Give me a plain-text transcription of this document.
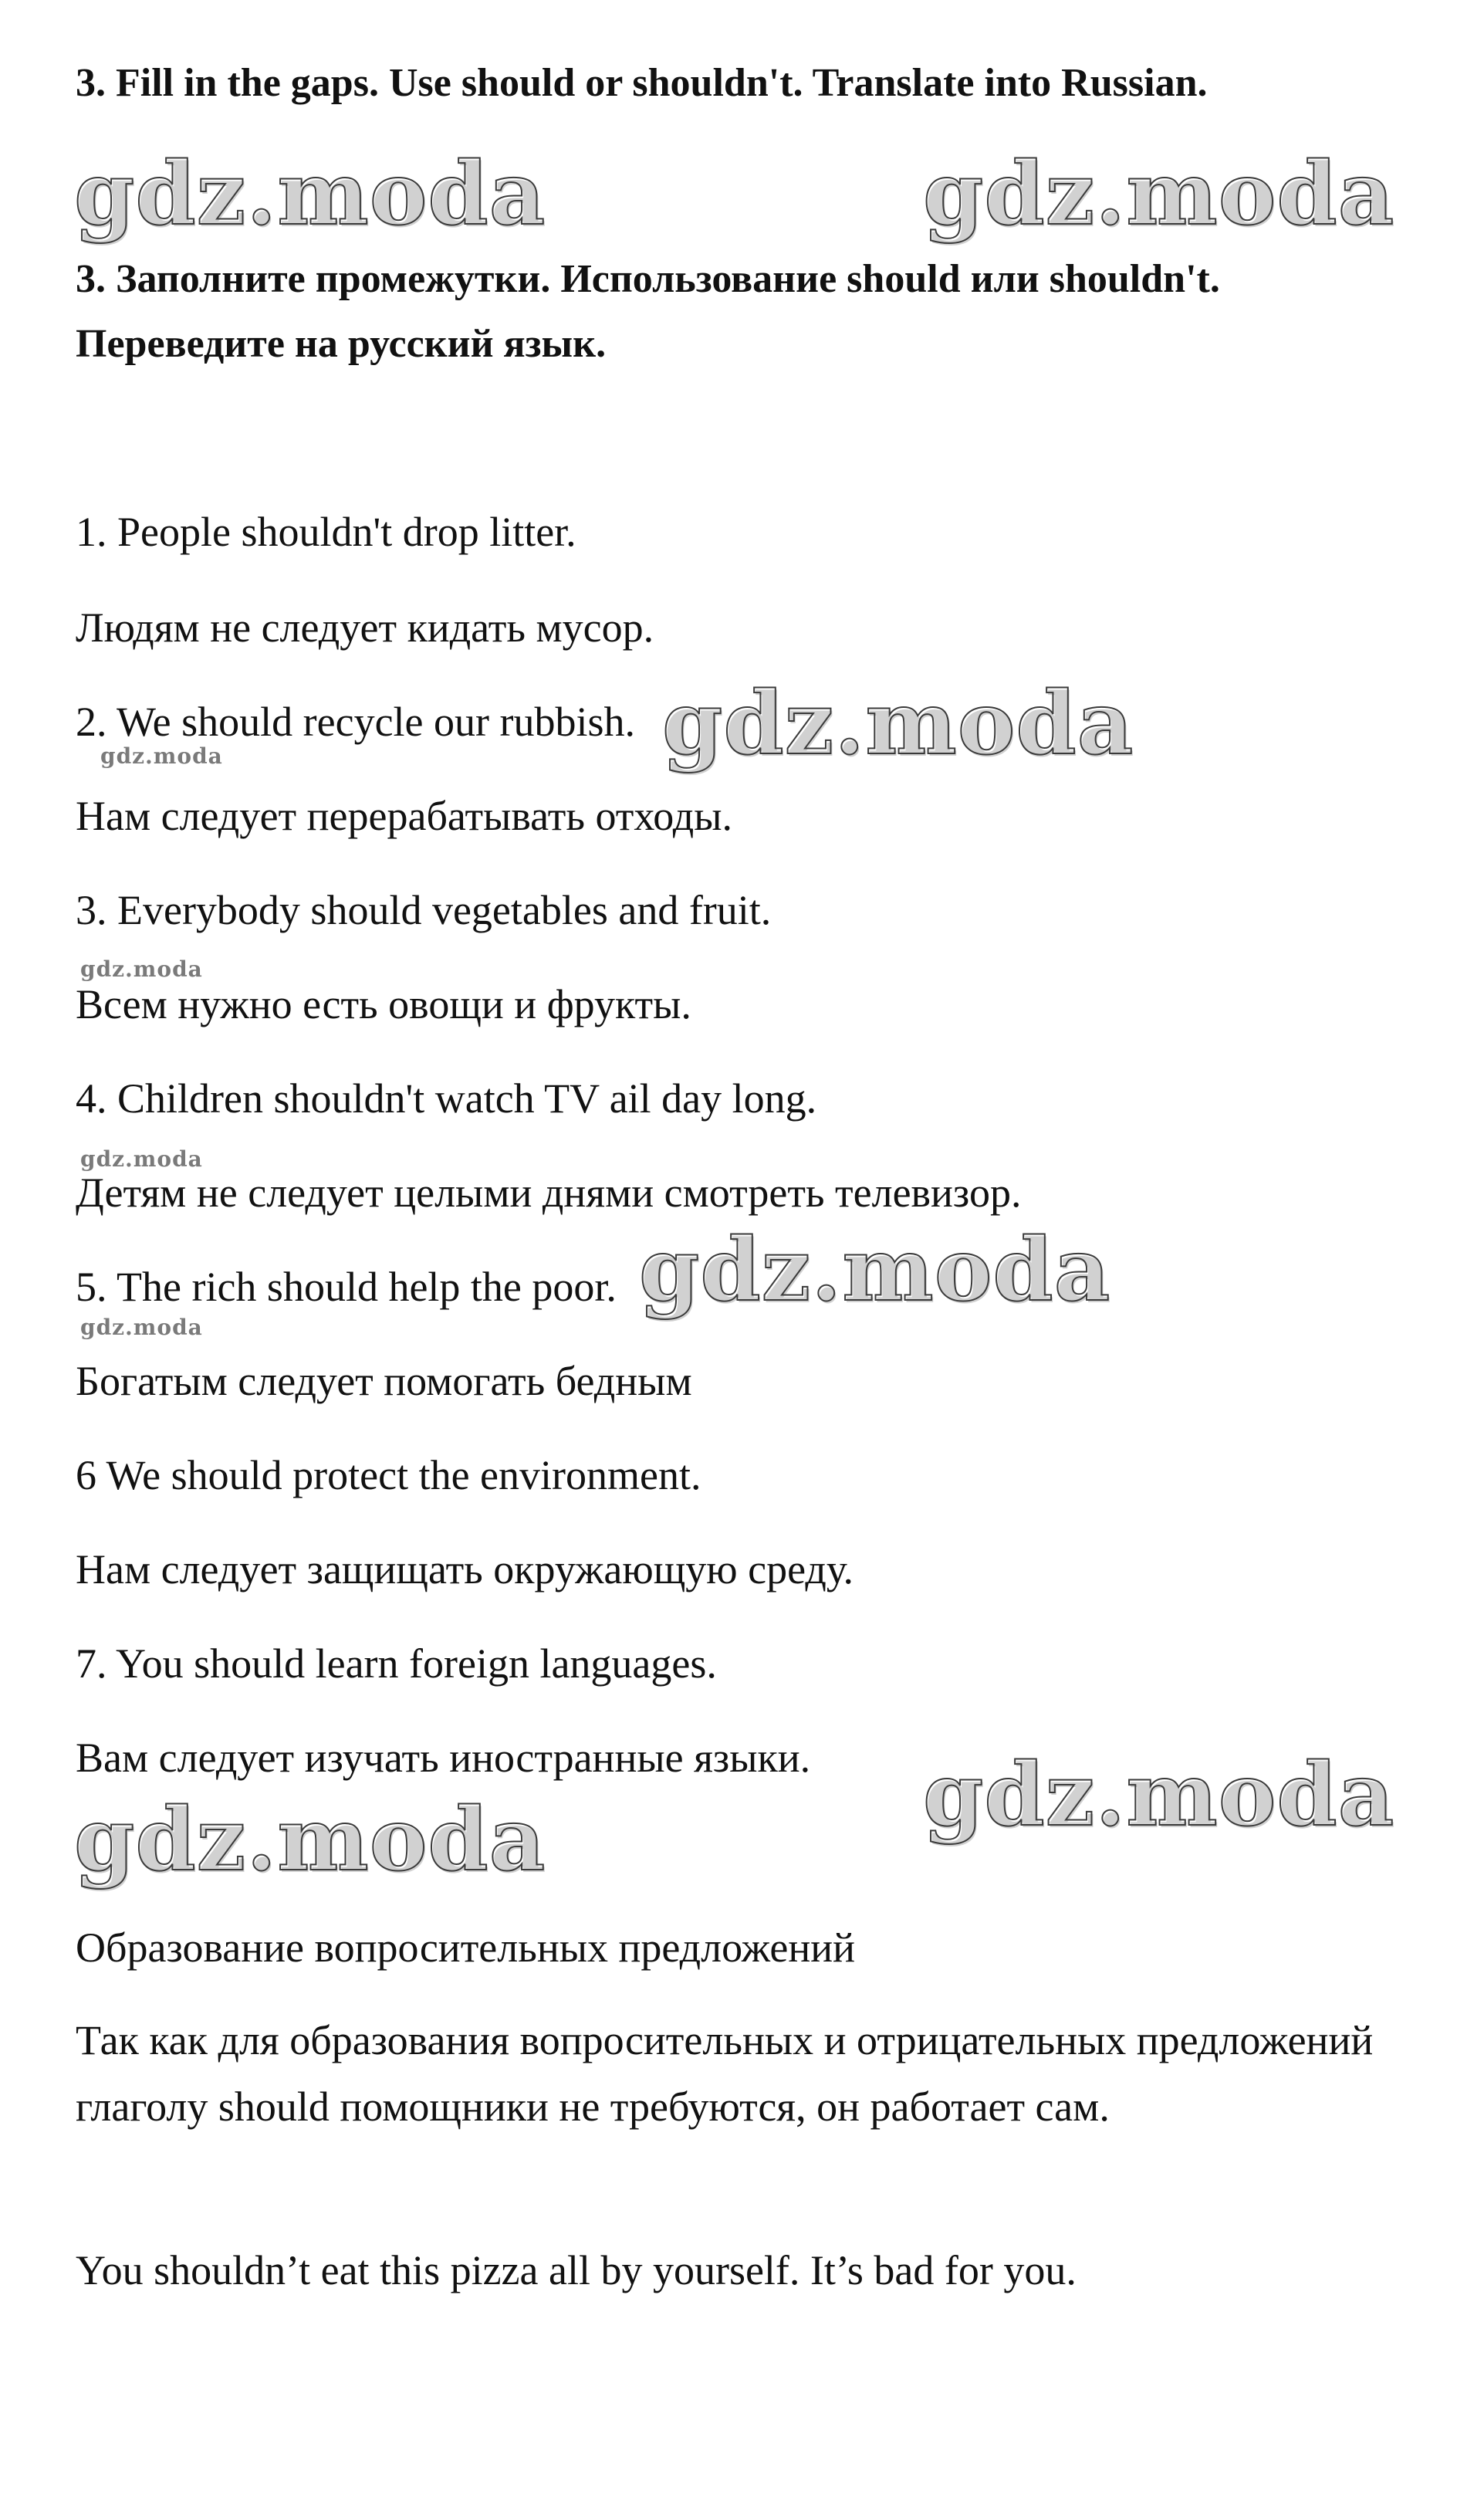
3. Fill in the gaps. Use should or shouldn't. Translate into Russian.

3. Заполните промежутки. Использование should или shouldn't.

Переведите на русский язык.

1. People shouldn't drop litter.

Людям не следует кидать мусор.

2. We should recycle our rubbish.

Нам следует перерабатывать отходы.

3. Everybody should vegetables and fruit.

Всем нужно есть овощи и фрукты.

4. Children shouldn't watch TV ail day long.

Детям не следует целыми днями смотреть телевизор.

5. The rich should help the poor.

Богатым следует помогать бедным

6 We should protect the environment.

Нам следует защищать окружающую среду.

7. You should learn foreign languages.

Вам следует изучать иностранные языки.

Образование вопросительных предложений

Так как для образования вопросительных и отрицательных предложений глаголу should помощники не требуются, он работает сам.

You shouldn’t eat this pizza all by yourself. It’s bad for you.

gdz.moda	gdz.moda
gdz.moda
gdz.moda
gdz.moda
gdz.moda
gdz.moda
gdz.moda
gdz.moda
gdz.moda
